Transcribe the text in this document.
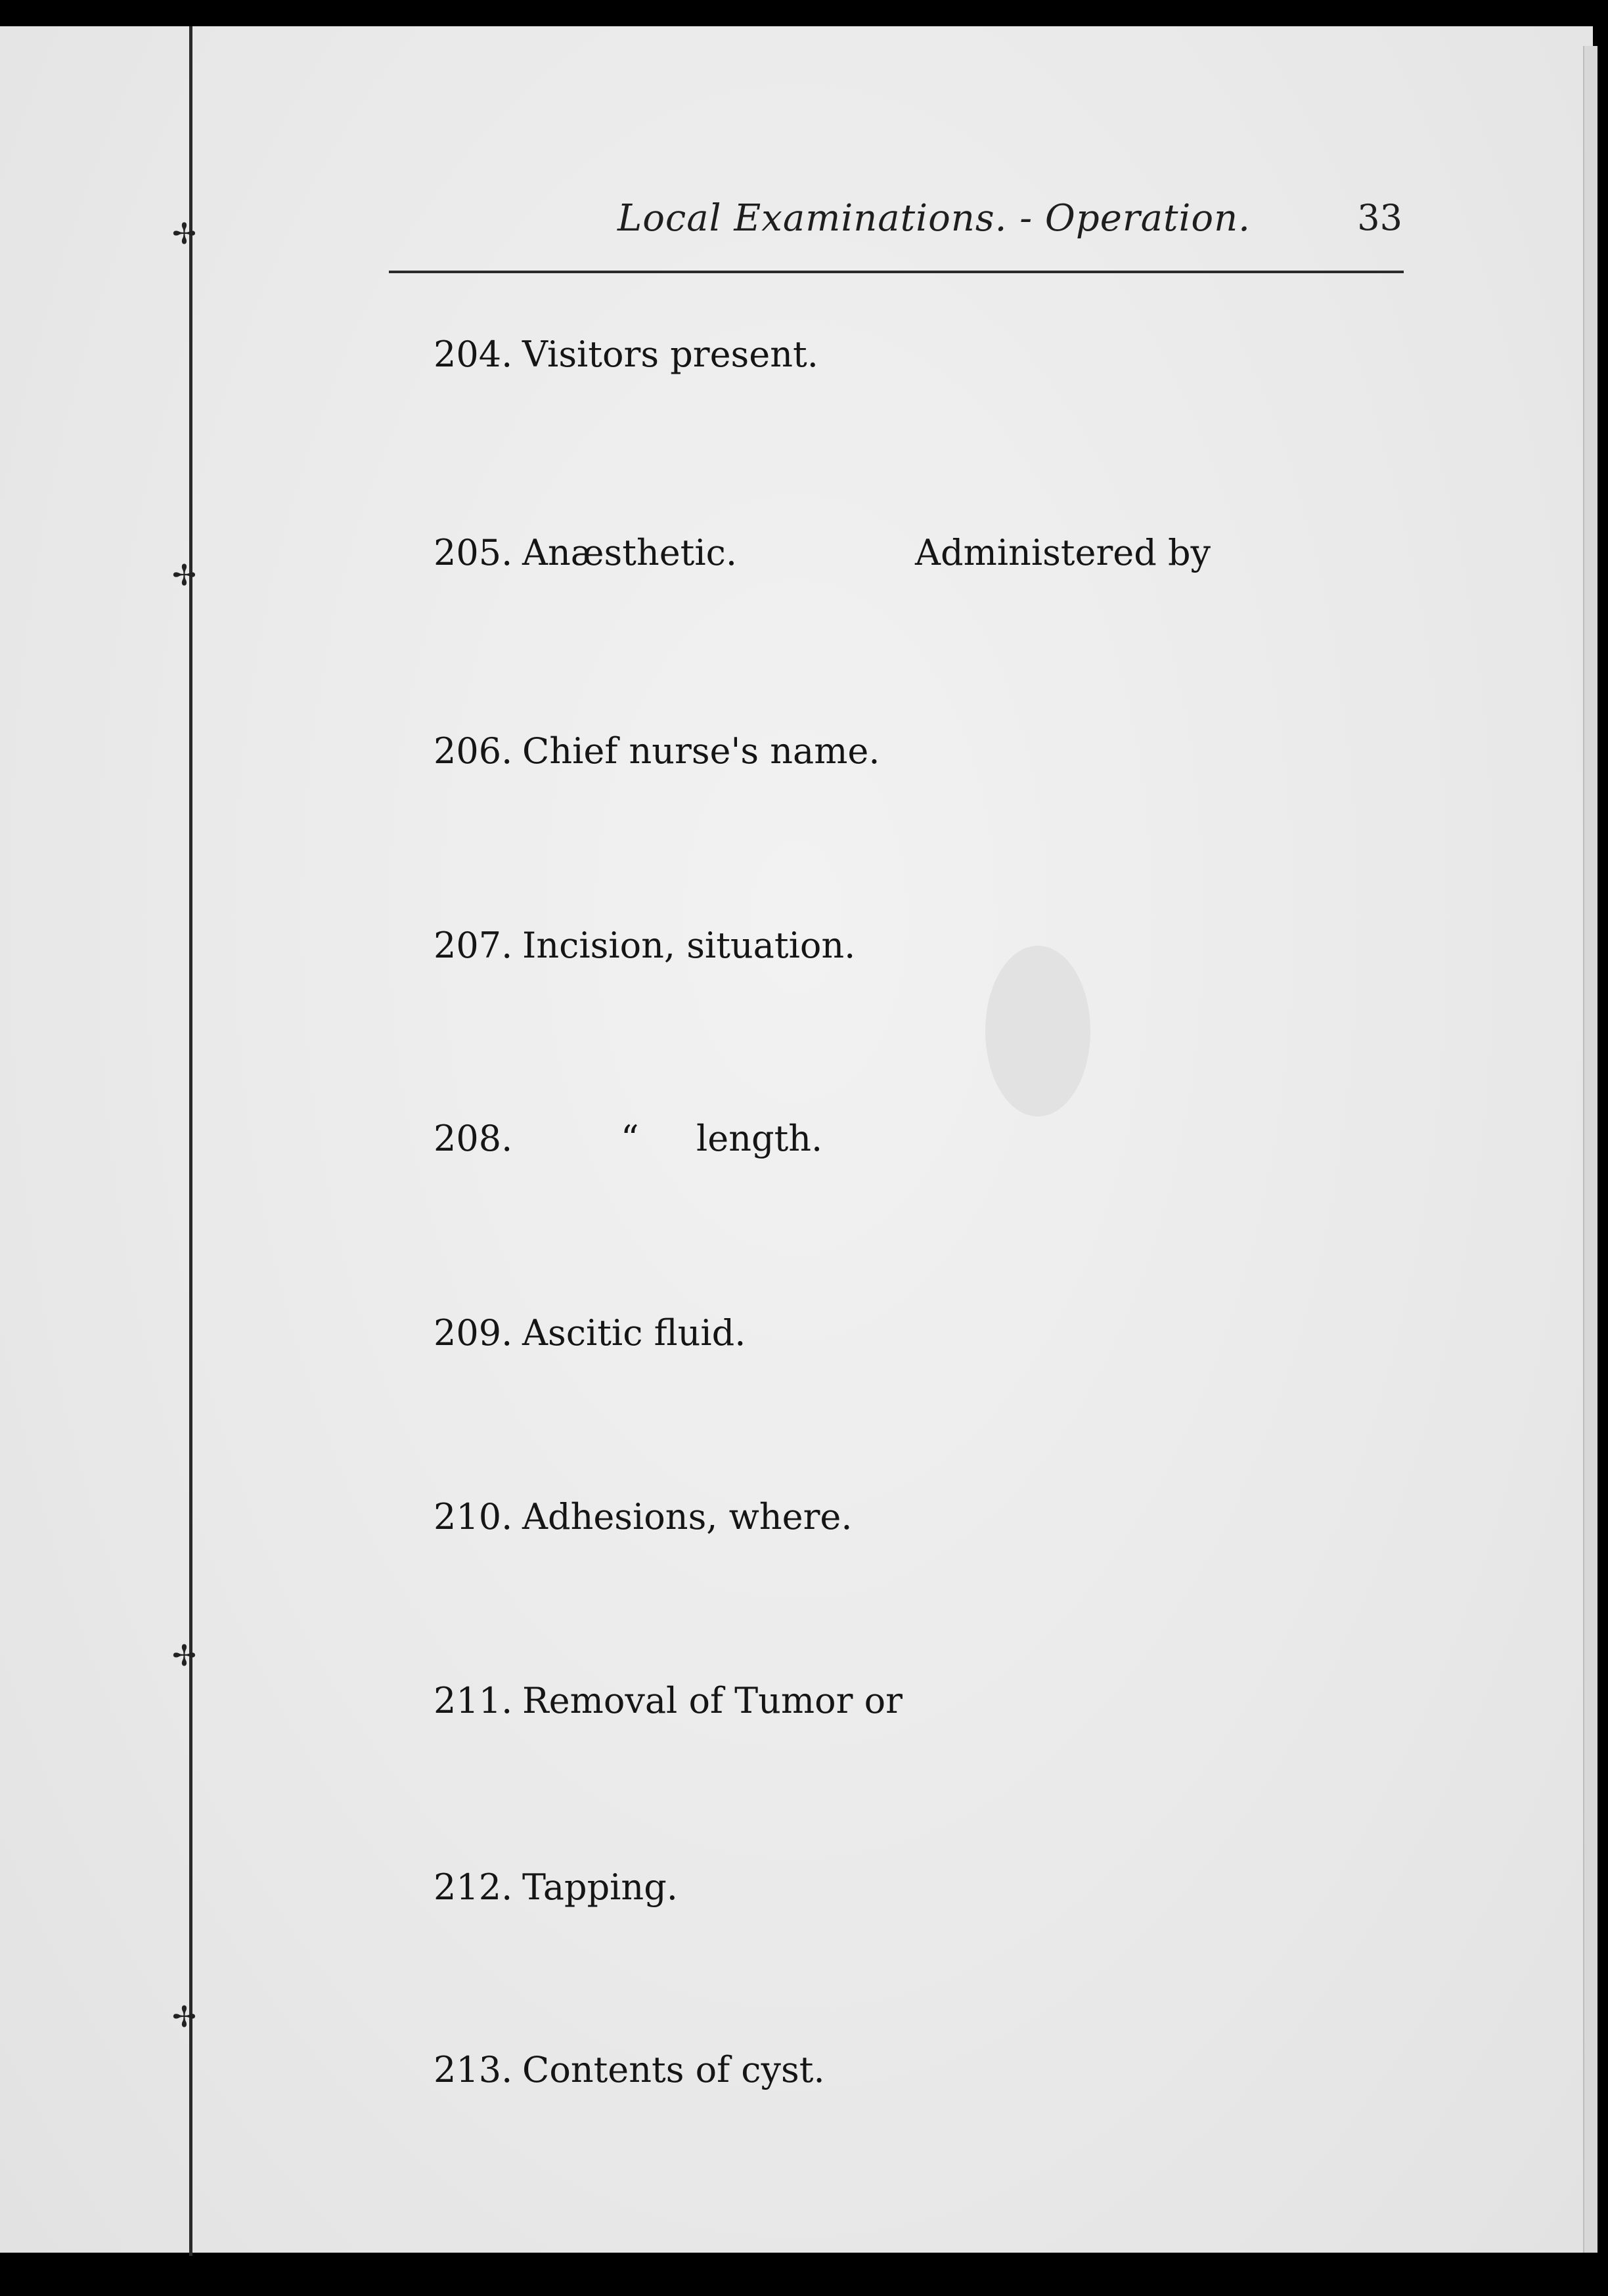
✢
✢
✢
✢
Local Examinations. - Operation.	33
204. Visitors present.
205. Anæsthetic.	Administered by
206. Chief nurse's name.
207. Incision, situation.
208.	“ length.
209. Ascitic fluid.
210. Adhesions, where.
211. Removal of Tumor or
212. Tapping.
213. Contents of cyst.
